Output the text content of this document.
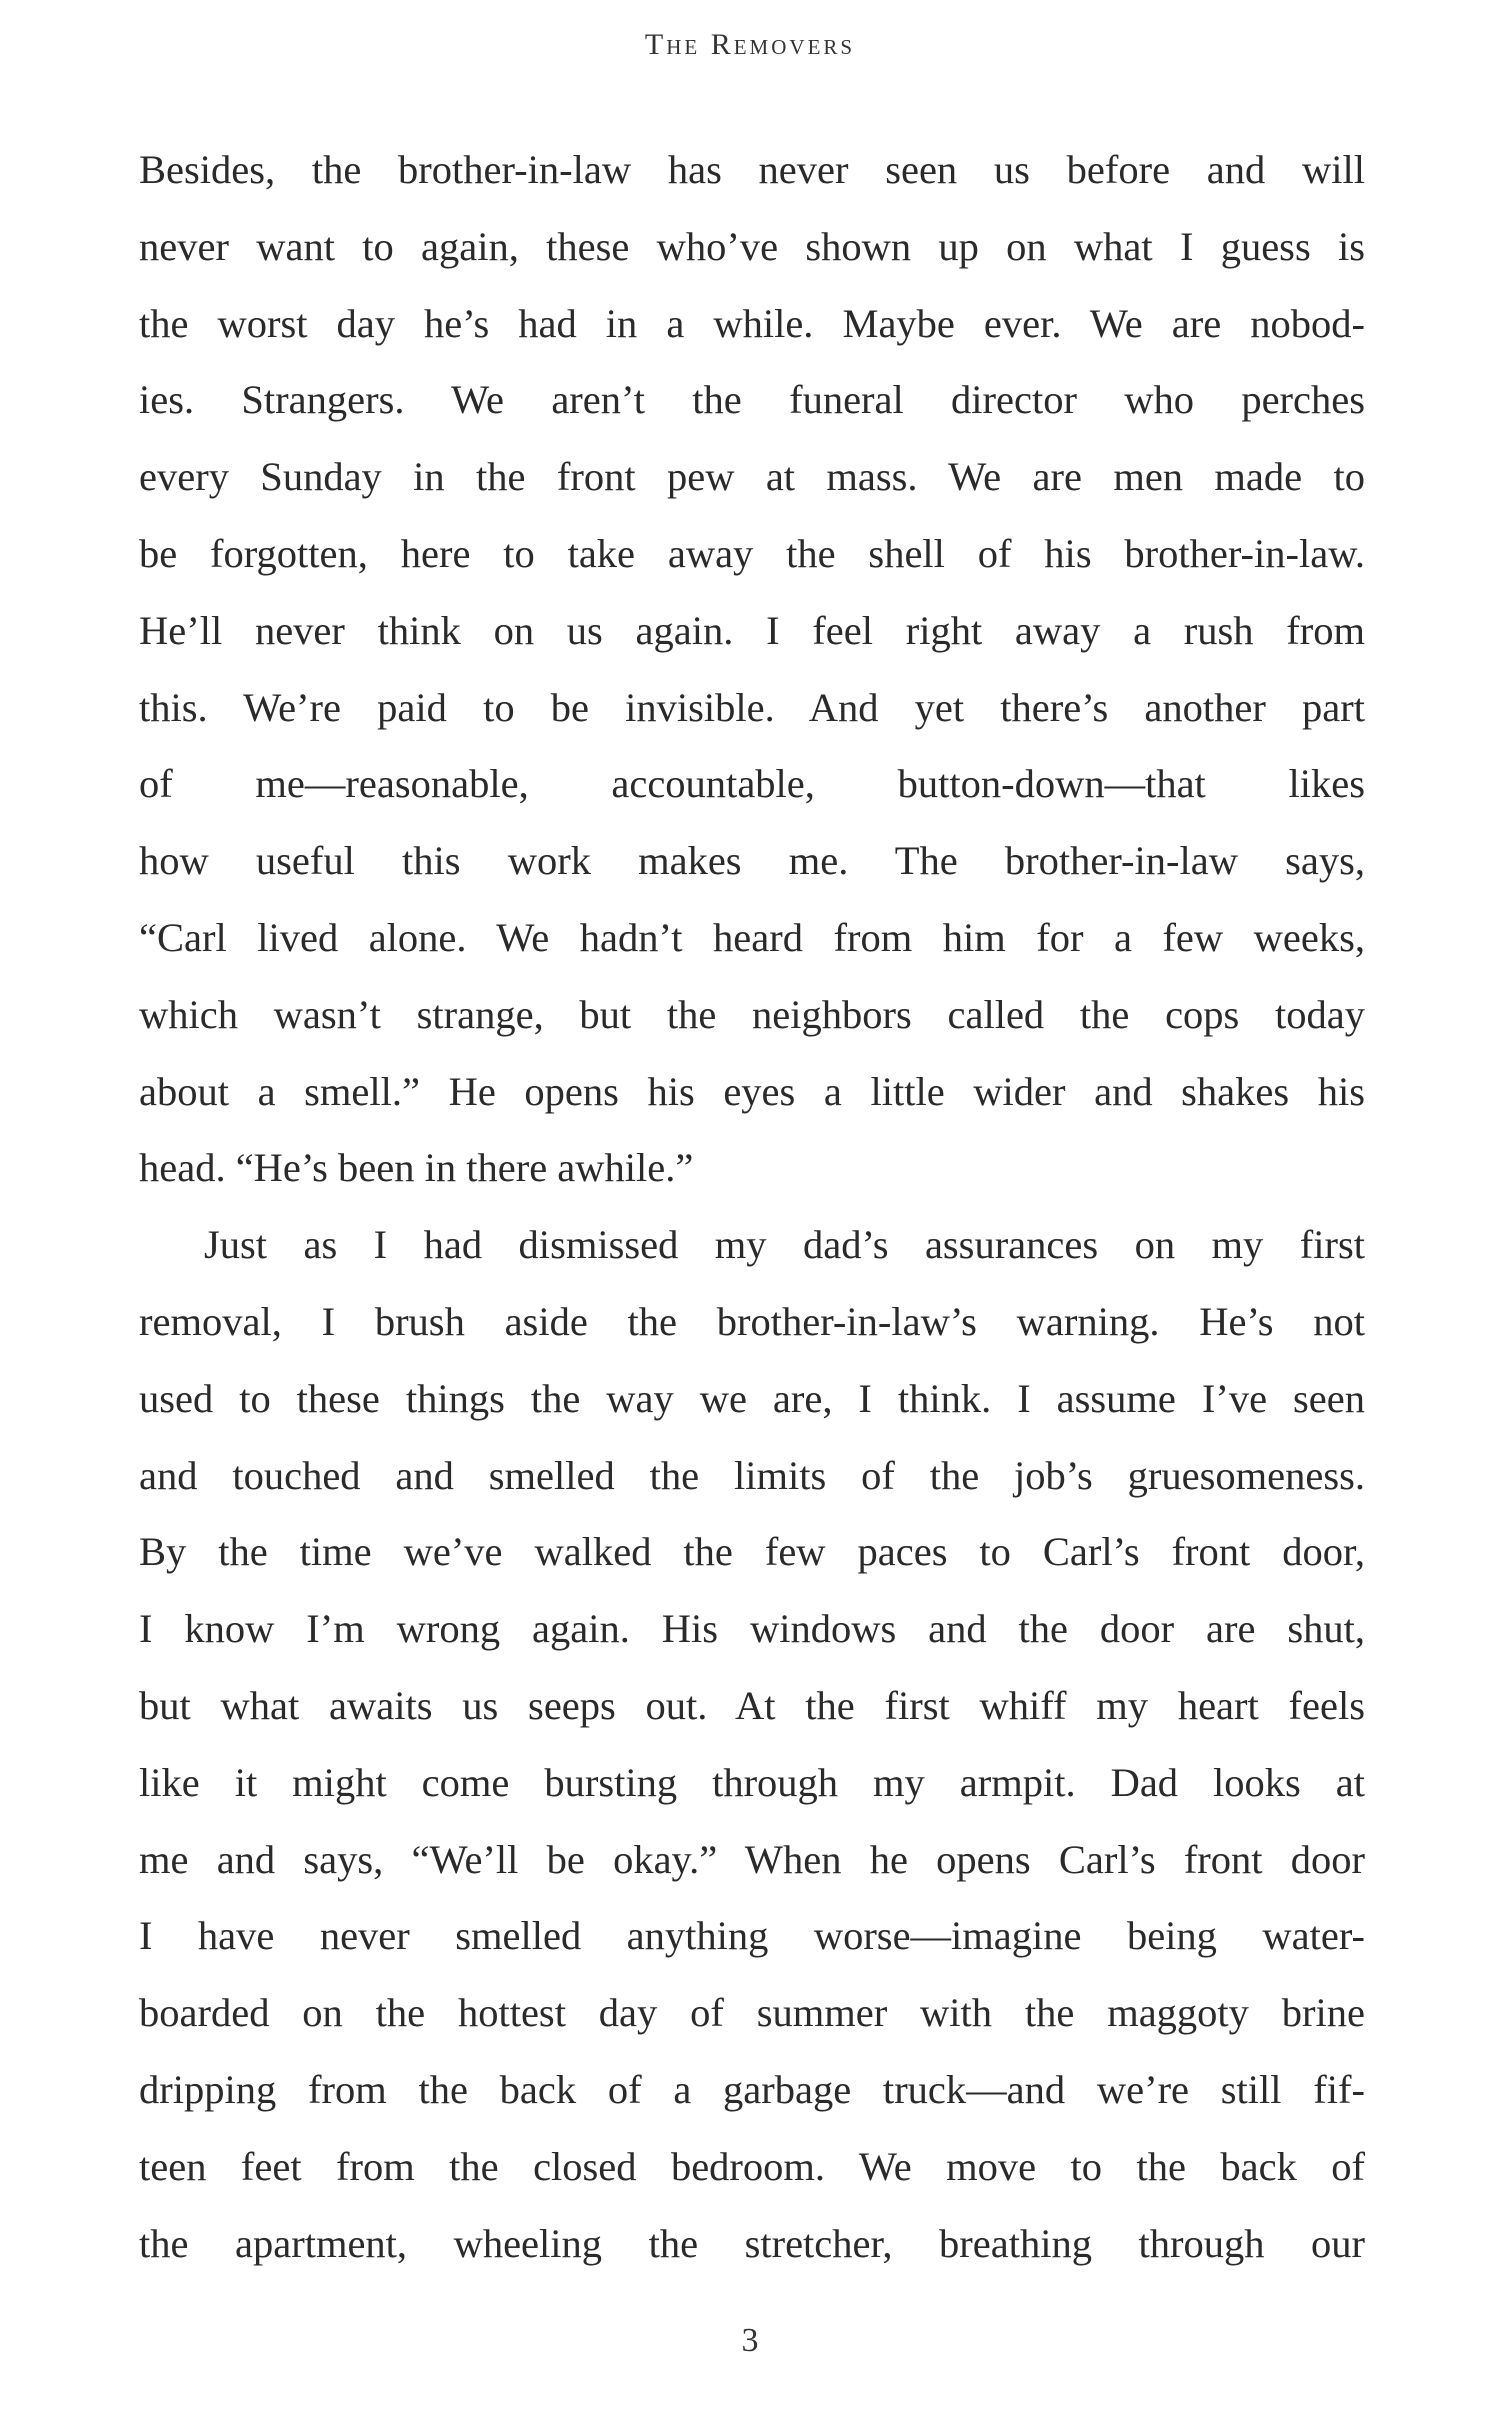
The Removers
Besides, the brother-in-law has never seen us before and will
never want to again, these who’ve shown up on what I guess is
the worst day he’s had in a while. Maybe ever. We are nobod-
ies. Strangers. We aren’t the funeral director who perches
every Sunday in the front pew at mass. We are men made to
be forgotten, here to take away the shell of his brother-in-law.
He’ll never think on us again. I feel right away a rush from
this. We’re paid to be invisible. And yet there’s another part
of me—reasonable, accountable, button-down—that likes
how useful this work makes me. The brother-in-law says,
“Carl lived alone. We hadn’t heard from him for a few weeks,
which wasn’t strange, but the neighbors called the cops today
about a smell.” He opens his eyes a little wider and shakes his
head. “He’s been in there awhile.”
Just as I had dismissed my dad’s assurances on my first
removal, I brush aside the brother-in-law’s warning. He’s not
used to these things the way we are, I think. I assume I’ve seen
and touched and smelled the limits of the job’s gruesomeness.
By the time we’ve walked the few paces to Carl’s front door,
I know I’m wrong again. His windows and the door are shut,
but what awaits us seeps out. At the first whiff my heart feels
like it might come bursting through my armpit. Dad looks at
me and says, “We’ll be okay.” When he opens Carl’s front door
I have never smelled anything worse—imagine being water-
boarded on the hottest day of summer with the maggoty brine
dripping from the back of a garbage truck—and we’re still fif-
teen feet from the closed bedroom. We move to the back of
the apartment, wheeling the stretcher, breathing through our
3
